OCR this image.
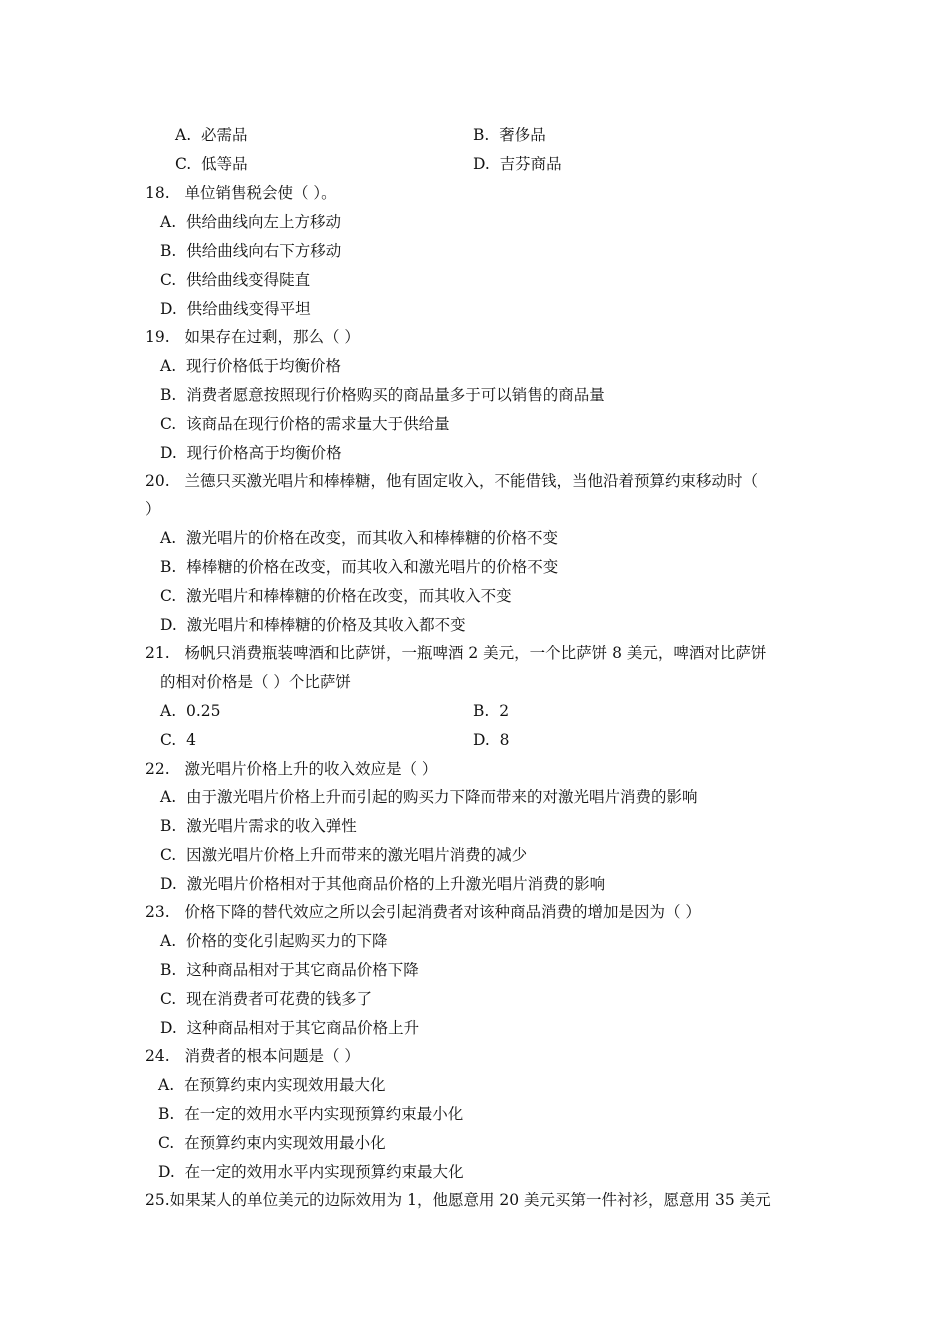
A. 必需品	B. 奢侈品
C. 低等品	D. 吉芬商品
18. 单位销售税会使（ ）。
A. 供给曲线向左上方移动
B. 供给曲线向右下方移动
C. 供给曲线变得陡直
D. 供给曲线变得平坦
19. 如果存在过剩，那么（ ）
A. 现行价格低于均衡价格
B. 消费者愿意按照现行价格购买的商品量多于可以销售的商品量
C. 该商品在现行价格的需求量大于供给量
D. 现行价格高于均衡价格
20. 兰德只买激光唱片和棒棒糖，他有固定收入，不能借钱，当他沿着预算约束移动时（
）
A. 激光唱片的价格在改变，而其收入和棒棒糖的价格不变
B. 棒棒糖的价格在改变，而其收入和激光唱片的价格不变
C. 激光唱片和棒棒糖的价格在改变，而其收入不变
D. 激光唱片和棒棒糖的价格及其收入都不变
21. 杨帆只消费瓶装啤酒和比萨饼，一瓶啤酒 2 美元，一个比萨饼 8 美元，啤酒对比萨饼
的相对价格是（ ）个比萨饼
A. 0.25	B. 2
C. 4	D. 8
22. 激光唱片价格上升的收入效应是（ ）
A. 由于激光唱片价格上升而引起的购买力下降而带来的对激光唱片消费的影响
B. 激光唱片需求的收入弹性
C. 因激光唱片价格上升而带来的激光唱片消费的减少
D. 激光唱片价格相对于其他商品价格的上升激光唱片消费的影响
23. 价格下降的替代效应之所以会引起消费者对该种商品消费的增加是因为（ ）
A. 价格的变化引起购买力的下降
B. 这种商品相对于其它商品价格下降
C. 现在消费者可花费的钱多了
D. 这种商品相对于其它商品价格上升
24. 消费者的根本问题是（ ）
A. 在预算约束内实现效用最大化
B. 在一定的效用水平内实现预算约束最小化
C. 在预算约束内实现效用最小化
D. 在一定的效用水平内实现预算约束最大化
25.如果某人的单位美元的边际效用为 1，他愿意用 20 美元买第一件衬衫，愿意用 35 美元
